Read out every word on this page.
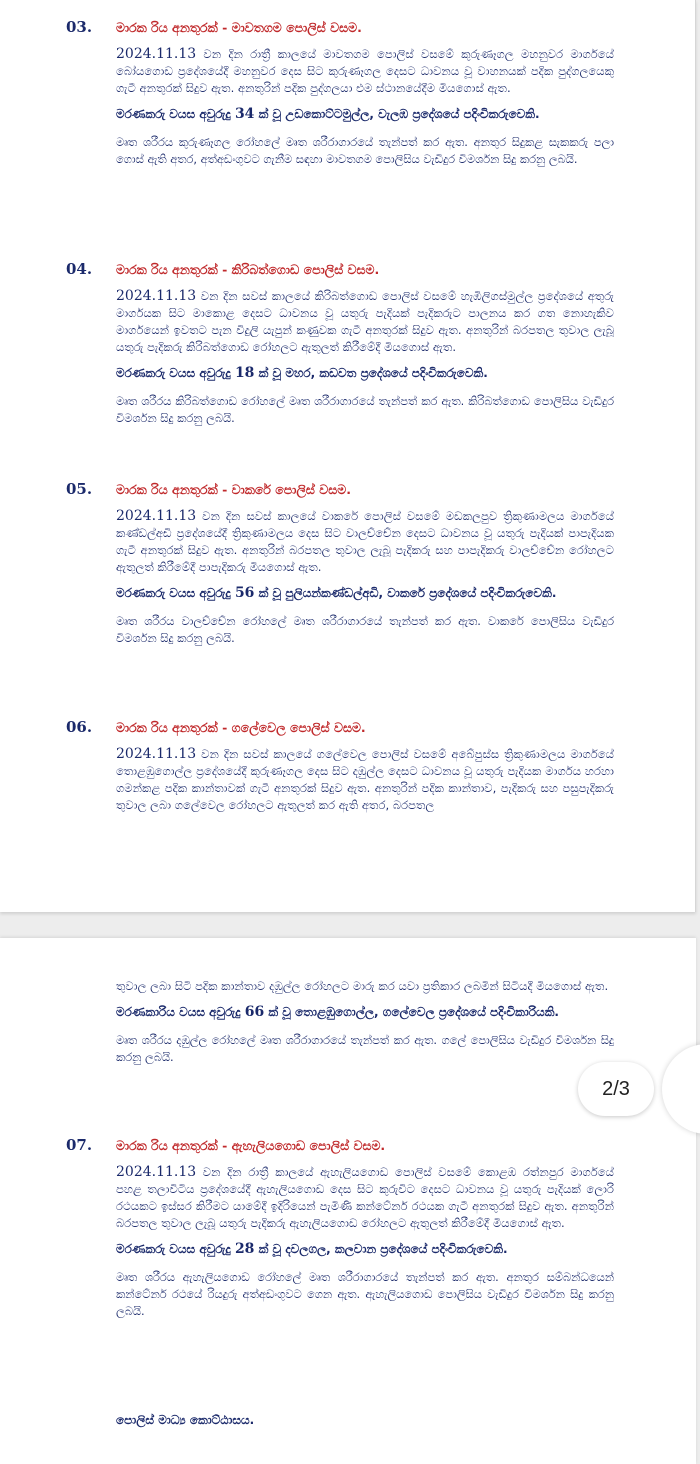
03.	මාරක රිය අනතුරක් - මාවතගම පොලිස් වසම.

2024.11.13 වන දින රාත්‍රී කාලයේ මාවතගම පොලිස් වසමේ කුරුණෑගල මහනුවර මාර්ගයේ බෝයගොඩ ප්‍රදේශයේදී මහනුවර දෙස සිට කුරුණෑගල දෙසට ධාවනය වූ වාහනයක් පදික පුද්ගලයෙකු ගැටී අනතුරක් සිදුව ඇත. අනතුරින් පදික පුද්ගලයා එම ස්ථානයේදීම මියගොස් ඇත.

මරණකරු වයස අවුරුදු 34 ක් වූ උඩකොට්ටමුල්ල, වැලඹ ප්‍රදේශයේ පදිංචිකරුවෙකි.

මෘත ශරීරය කුරුණෑගල රෝහලේ මෘත ශරීරාගාරයේ තැන්පත් කර ඇත. අනතුර සිදුකළ සැකකරු පලා ගොස් ඇති අතර, අත්අඩංගුවට ගැනීම සඳහා මාවතගම පොලිසිය වැඩිදුර විමර්ශන සිදු කරනු ලබයි.

04.	මාරක රිය අනතුරක් - කිරිබත්ගොඩ පොලිස් වසම.

2024.11.13 වන දින සවස් කාලයේ කිරිබත්ගොඩ පොලිස් වසමේ හැඹිලිගස්මුල්ල ප්‍රදේශයේ අතුරු මාර්ගයක සිට මාකොළ දෙසට ධාවනය වූ යතුරු පැදියක් පැදිකරුට පාලනය කර ගත නොහැකිව මාර්ගයෙන් ඉවතට පැන විදුලි යැපුන් කණුවක ගැටී අනතුරක් සිදුව ඇත. අනතුරින් බරපතල තුවාල ලැබූ යතුරු පැදිකරු කිරිබත්ගොඩ රෝහලට ඇතුලත් කිරීමේදී මියගොස් ඇත.

මරණකරු වයස අවුරුදු 18 ක් වූ මහර, කඩවත ප්‍රදේශයේ පදිංචිකරුවෙකි.

මෘත ශරීරය කිරිබත්ගොඩ රෝහලේ මෘත ශරීරාගාරයේ තැන්පත් කර ඇත. කිරිබත්ගොඩ පොලිසිය වැඩිදුර විමර්ශන සිදු කරනු ලබයි.

05.	මාරක රිය අනතුරක් - වාකරේ පොලිස් වසම.

2024.11.13 වන දින සවස් කාලයේ වාකරේ පොලිස් වසමේ මඩකලපුව ත්‍රිකුණාමලය මාර්ගයේ කණ්ඩල්අඩි ප්‍රදේශයේදී ත්‍රිකුණාමලය දෙස සිට වාලච්චේන දෙසට ධාවනය වූ යතුරු පැදියක් පාපැදියක ගැටී අනතුරක් සිදුව ඇත. අනතුරින් බරපතල තුවාල ලැබූ පැදිකරු සහ පාපැදිකරු වාලච්චේන රෝහලට ඇතුලත් කිරීමේදී පාපැදිකරු මියගොස් ඇත.

මරණකරු වයස අවුරුදු 56 ක් වූ පුලියන්කණ්ඩල්අඩි, වාකරේ ප්‍රදේශයේ පදිංචිකරුවෙකි.

මෘත ශරීරය වාලච්චේන රෝහලේ මෘත ශරීරාගාරයේ තැන්පත් කර ඇත. වාකරේ පොලිසිය වැඩිදුර විමර්ශන සිදු කරනු ලබයි.

06.	මාරක රිය අනතුරක් - ගලේවෙල පොලිස් වසම.

2024.11.13 වන දින සවස් කාලයේ ගලේවෙල පොලිස් වසමේ අබේපුස්ස ත්‍රිකුණාමලය මාර්ගයේ තොළඹුගොල්ල ප්‍රදේශයේදී කුරුණෑගල දෙස සිට දඹුල්ල දෙසට ධාවනය වූ යතුරු පැදියක මාර්ගය හරහා ගමන්කළ පදික කාන්තාවක් ගැටී අනතුරක් සිදුව ඇත. අනතුරින් පදික කාන්තාව, පැදිකරු සහ පසුපැදිකරු තුවාල ලබා ගලේවෙල රෝහලට ඇතුලත් කර ඇති අතර, බරපතල

තුවාල ලබා සිටි පදික කාන්තාව දඹුල්ල රෝහලට මාරු කර යවා ප්‍රතිකාර ලබමින් සිටියදී මියගොස් ඇත.

මරණකාරිය වයස අවුරුදු 66 ක් වූ තොළඹුගොල්ල, ගලේවෙල ප්‍රදේශයේ පදිංචිකාරියකි.

මෘත ශරීරය දඹුල්ල රෝහලේ මෘත ශරීරාගාරයේ තැන්පත් කර ඇත. ගලේ පොලිසිය වැඩිදුර විමර්ශන සිදු කරනු ලබයි.

07.	මාරක රිය අනතුරක් - ඇහැලියගොඩ පොලිස් වසම.

2024.11.13 වන දින රාත්‍රී කාලයේ ඇහැලියගොඩ පොලිස් වසමේ කොළඹ රත්නපුර මාර්ගයේ පහළ තලාවිටිය ප්‍රදේශයේදී ඇහැලියගොඩ දෙස සිට කුරුවිට දෙසට ධාවනය වූ යතුරු පැදියක් ලොරි රථයකට ඉස්සර කිරීමට යාමේදී ඉදිරියෙන් පැමිණි කන්ටේනර් රථයක ගැටී අනතුරක් සිදුව ඇත. අනතුරින් බරපතල තුවාල ලැබූ යතුරු පැදිකරු ඇහැලියගොඩ රෝහලට ඇතුලත් කිරීමේදී මියගොස් ඇත.

මරණකරු වයස අවුරුදු 28 ක් වූ දවලගල, කලවාන ප්‍රදේශයේ පදිංචිකරුවෙකි.

මෘත ශරීරය ඇහැලියගොඩ රෝහලේ මෘත ශරීරාගාරයේ තැන්පත් කර ඇත. අනතුර සම්බන්ධයෙන් කන්ටේනර් රථයේ රියදුරු අත්අඩංගුවට ගෙන ඇත. ඇහැලියගොඩ පොලිසිය වැඩිදුර විමර්ශන සිදු කරනු ලබයි.

පොලිස් මාධ්‍ය කොට්ඨාසය.
2/3
